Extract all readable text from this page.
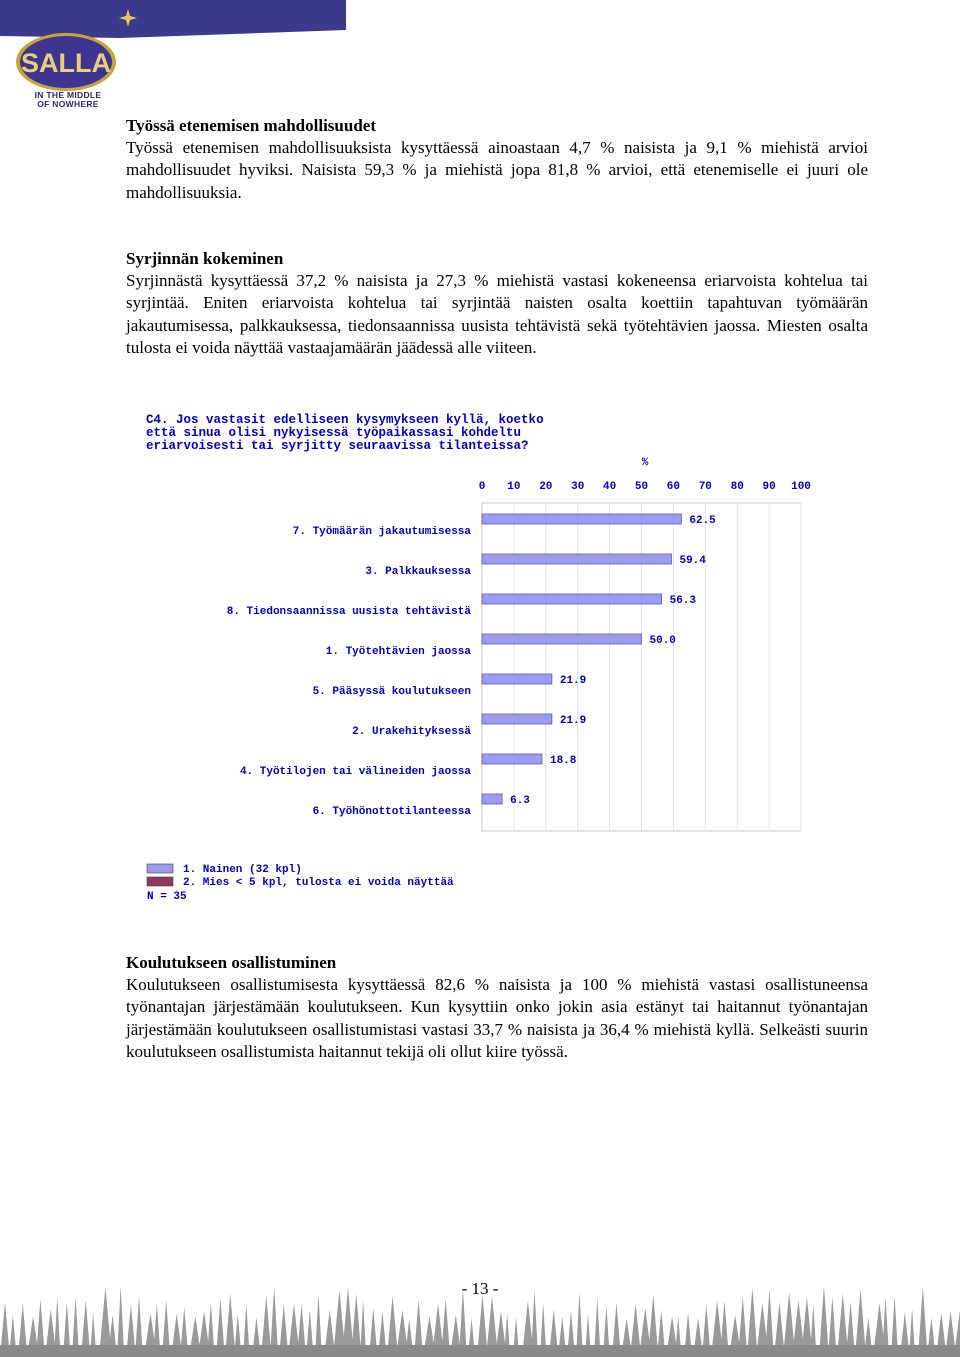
SALLA
IN THE MIDDLE
OF NOWHERE
Työssä etenemisen mahdollisuudet

Työssä etenemisen mahdollisuuksista kysyttäessä ainoastaan 4,7 % naisista ja 9,1 % miehistä arvioi mahdollisuudet hyviksi. Naisista 59,3 % ja miehistä jopa 81,8 % arvioi, että etenemiselle ei juuri ole mahdollisuuksia.

Syrjinnän kokeminen

Syrjinnästä kysyttäessä 37,2 % naisista ja 27,3 % miehistä vastasi kokeneensa eriarvoista kohtelua tai syrjintää. Eniten eriarvoista kohtelua tai syrjintää naisten osalta koettiin tapahtuvan työmäärän jakautumisessa, palkkauksessa, tiedonsaannissa uusista tehtävistä sekä työtehtävien jaossa. Miesten osalta tulosta ei voida näyttää vastaajamäärän jäädessä alle viiteen.

C4. Jos vastasit edelliseen kysymykseen kyllä, koetko
että sinua olisi nykyisessä työpaikassasi kohdeltu
eriarvoisesti tai syrjitty seuraavissa tilanteissa?
%
0 10 20 30 40 50 60 70 80 90 100
7. Työmäärän jakautumisessa
62.5
3. Palkkauksessa
59.4
8. Tiedonsaannissa uusista tehtävistä
56.3
1. Työtehtävien jaossa
50.0
5. Pääsyssä koulutukseen
21.9
2. Urakehityksessä
21.9
4. Työtilojen tai välineiden jaossa
18.8
6. Työhönottotilanteessa
6.3
1. Nainen (32 kpl)
2. Mies < 5 kpl, tulosta ei voida näyttää
N = 35
Koulutukseen osallistuminen

Koulutukseen osallistumisesta kysyttäessä 82,6 % naisista ja 100 % miehistä vastasi osallistuneensa työnantajan järjestämään koulutukseen. Kun kysyttiin onko jokin asia estänyt tai haitannut työnantajan järjestämään koulutukseen osallistumistasi vastasi 33,7 % naisista ja 36,4 % miehistä kyllä. Selkeästi suurin koulutukseen osallistumista haitannut tekijä oli ollut kiire työssä.

- 13 -
